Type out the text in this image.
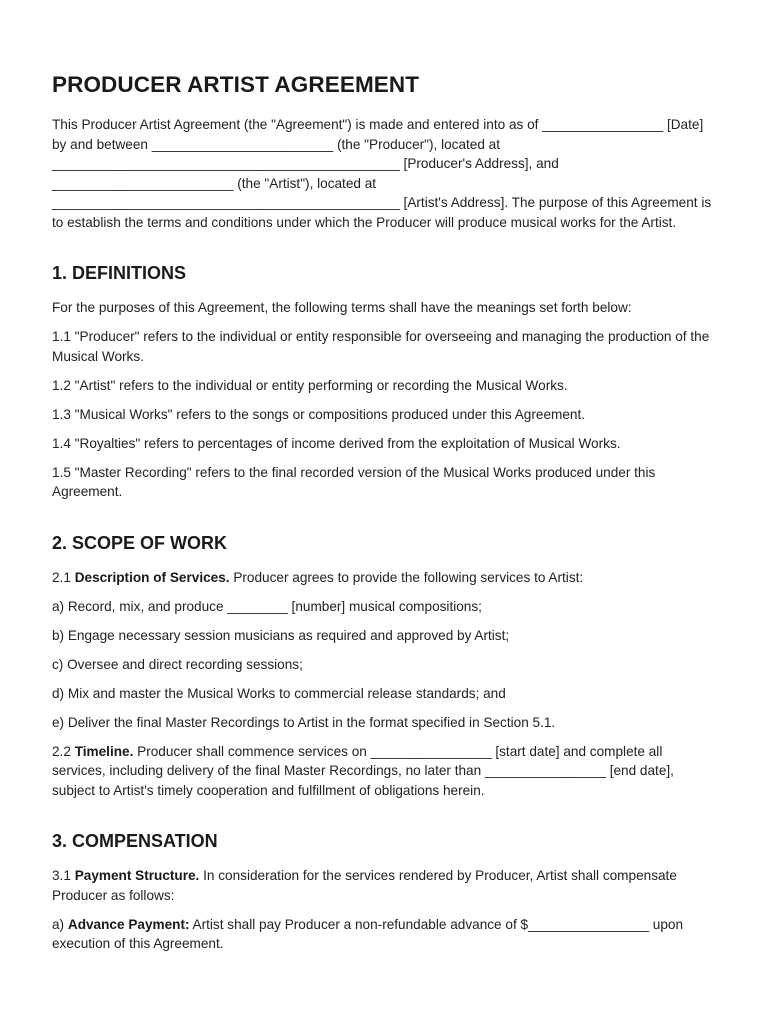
PRODUCER ARTIST AGREEMENT

This Producer Artist Agreement (the "Agreement") is made and entered into as of ________________ [Date] by and between ________________________ (the "Producer"), located at ______________________________________________ [Producer's Address], and ________________________ (the "Artist"), located at ______________________________________________ [Artist's Address]. The purpose of this Agreement is to establish the terms and conditions under which the Producer will produce musical works for the Artist.

1. DEFINITIONS

For the purposes of this Agreement, the following terms shall have the meanings set forth below:

1.1 "Producer" refers to the individual or entity responsible for overseeing and managing the production of the Musical Works.

1.2 "Artist" refers to the individual or entity performing or recording the Musical Works.

1.3 "Musical Works" refers to the songs or compositions produced under this Agreement.

1.4 "Royalties" refers to percentages of income derived from the exploitation of Musical Works.

1.5 "Master Recording" refers to the final recorded version of the Musical Works produced under this Agreement.

2. SCOPE OF WORK

2.1 Description of Services. Producer agrees to provide the following services to Artist:

a) Record, mix, and produce ________ [number] musical compositions;

b) Engage necessary session musicians as required and approved by Artist;

c) Oversee and direct recording sessions;

d) Mix and master the Musical Works to commercial release standards; and

e) Deliver the final Master Recordings to Artist in the format specified in Section 5.1.

2.2 Timeline. Producer shall commence services on ________________ [start date] and complete all services, including delivery of the final Master Recordings, no later than ________________ [end date], subject to Artist's timely cooperation and fulfillment of obligations herein.

3. COMPENSATION

3.1 Payment Structure. In consideration for the services rendered by Producer, Artist shall compensate Producer as follows:

a) Advance Payment: Artist shall pay Producer a non-refundable advance of $________________ upon execution of this Agreement.
